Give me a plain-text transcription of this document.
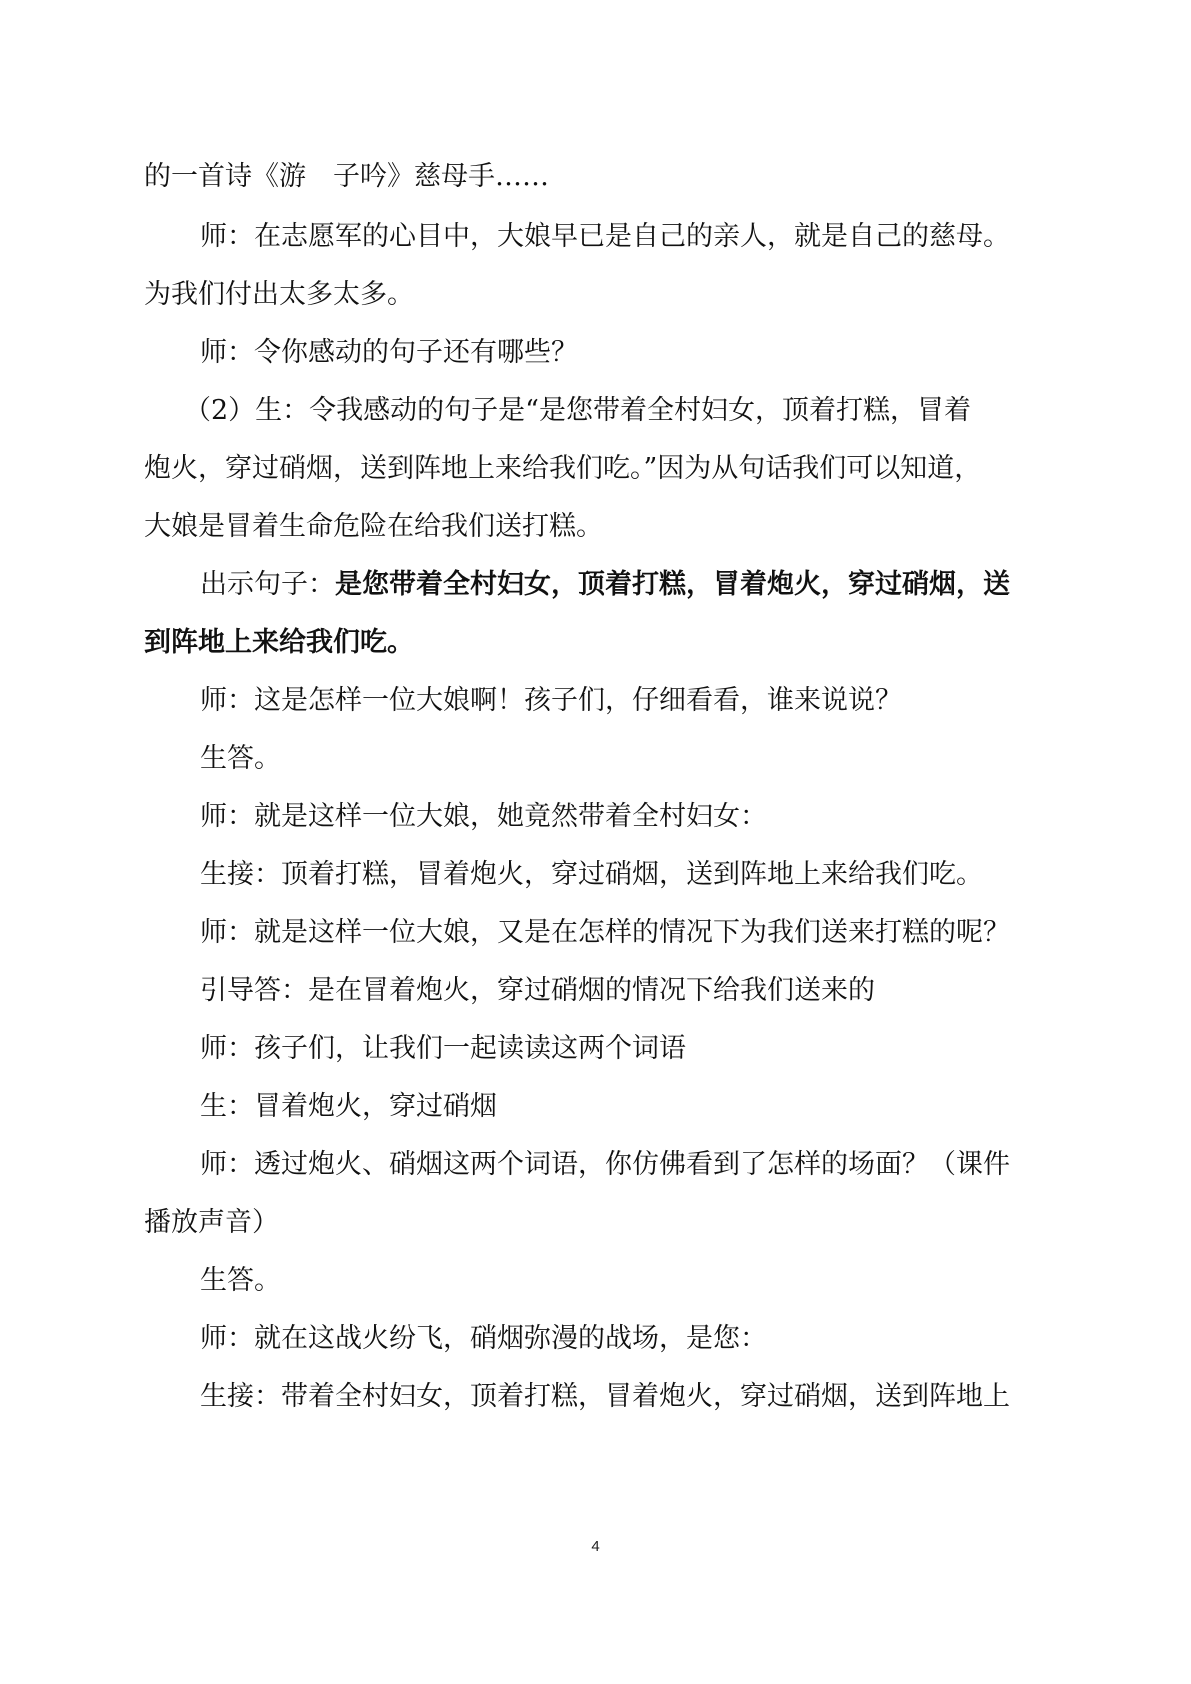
的一首诗《游　子吟》慈母手……
师：在志愿军的心目中，大娘早已是自己的亲人，就是自己的慈母。
为我们付出太多太多。
师：令你感动的句子还有哪些？
（2）生：令我感动的句子是“是您带着全村妇女，顶着打糕，冒着
炮火，穿过硝烟，送到阵地上来给我们吃。”因为从句话我们可以知道，
大娘是冒着生命危险在给我们送打糕。
出示句子：是您带着全村妇女，顶着打糕，冒着炮火，穿过硝烟，送
到阵地上来给我们吃。
师：这是怎样一位大娘啊！孩子们，仔细看看，谁来说说？
生答。
师：就是这样一位大娘，她竟然带着全村妇女：
生接：顶着打糕，冒着炮火，穿过硝烟，送到阵地上来给我们吃。
师：就是这样一位大娘，又是在怎样的情况下为我们送来打糕的呢？
引导答：是在冒着炮火，穿过硝烟的情况下给我们送来的
师：孩子们，让我们一起读读这两个词语
生：冒着炮火，穿过硝烟
师：透过炮火、硝烟这两个词语，你仿佛看到了怎样的场面？（课件
播放声音）
生答。
师：就在这战火纷飞，硝烟弥漫的战场，是您：
生接：带着全村妇女，顶着打糕，冒着炮火，穿过硝烟，送到阵地上
4
